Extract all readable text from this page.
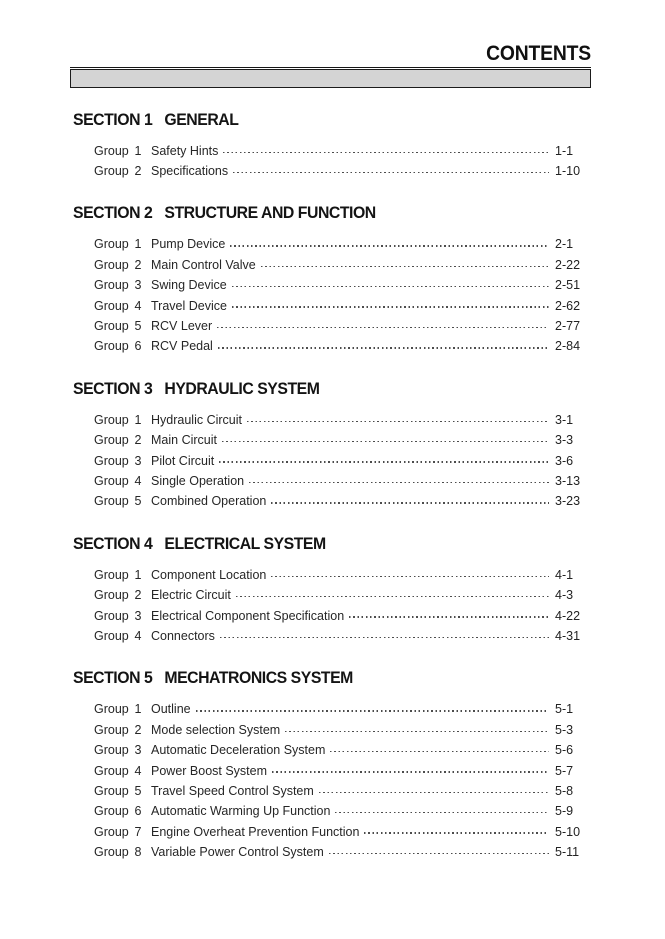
CONTENTS
SECTION 1 GENERAL
Group 1 Safety Hints	1-1
Group 2 Specifications	1-10
SECTION 2 STRUCTURE AND FUNCTION
Group 1 Pump Device	2-1
Group 2 Main Control Valve	2-22
Group 3 Swing Device	2-51
Group 4 Travel Device	2-62
Group 5 RCV Lever	2-77
Group 6 RCV Pedal	2-84
SECTION 3 HYDRAULIC SYSTEM
Group 1 Hydraulic Circuit	3-1
Group 2 Main Circuit	3-3
Group 3 Pilot Circuit	3-6
Group 4 Single Operation	3-13
Group 5 Combined Operation	3-23
SECTION 4 ELECTRICAL SYSTEM
Group 1 Component Location	4-1
Group 2 Electric Circuit	4-3
Group 3 Electrical Component Specification	4-22
Group 4 Connectors	4-31
SECTION 5 MECHATRONICS SYSTEM
Group 1 Outline	5-1
Group 2 Mode selection System	5-3
Group 3 Automatic Deceleration System	5-6
Group 4 Power Boost System	5-7
Group 5 Travel Speed Control System	5-8
Group 6 Automatic Warming Up Function	5-9
Group 7 Engine Overheat Prevention Function	5-10
Group 8 Variable Power Control System	5-11
